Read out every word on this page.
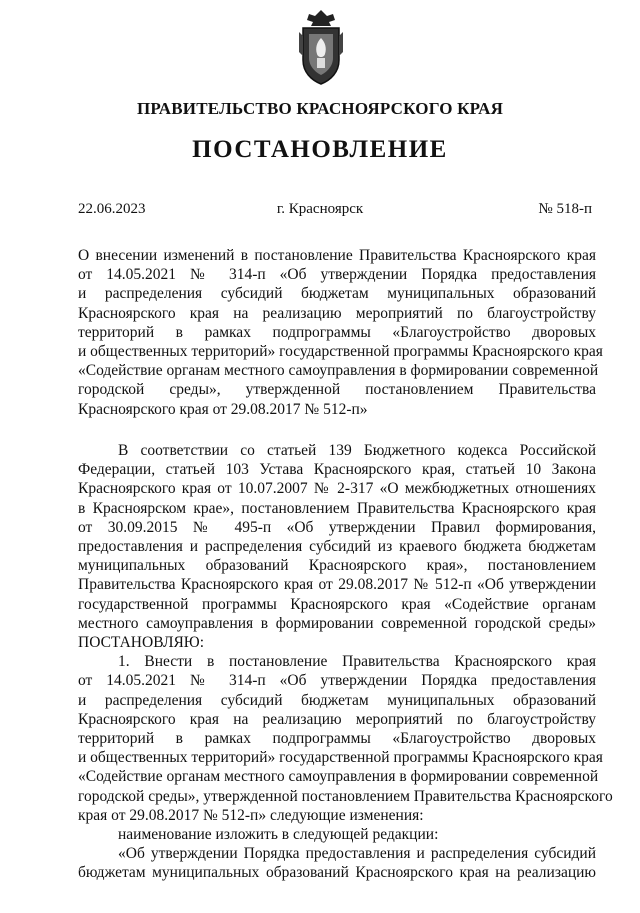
ПРАВИТЕЛЬСТВО КРАСНОЯРСКОГО КРАЯ
ПОСТАНОВЛЕНИЕ
22.06.2023	г. Красноярск	№ 518-п
О внесении изменений в постановление Правительства Красноярского края
от 14.05.2021 № 314-п «Об утверждении Порядка предоставления
и распределения субсидий бюджетам муниципальных образований
Красноярского края на реализацию мероприятий по благоустройству
территорий в рамках подпрограммы «Благоустройство дворовых
и общественных территорий» государственной программы Красноярского края
«Содействие органам местного самоуправления в формировании современной
городской среды», утвержденной постановлением Правительства
Красноярского края от 29.08.2017 № 512-п»
В соответствии со статьей 139 Бюджетного кодекса Российской
Федерации, статьей 103 Устава Красноярского края, статьей 10 Закона
Красноярского края от 10.07.2007 № 2-317 «О межбюджетных отношениях
в Красноярском крае», постановлением Правительства Красноярского края
от 30.09.2015 № 495-п «Об утверждении Правил формирования,
предоставления и распределения субсидий из краевого бюджета бюджетам
муниципальных образований Красноярского края», постановлением
Правительства Красноярского края от 29.08.2017 № 512-п «Об утверждении
государственной программы Красноярского края «Содействие органам
местного самоуправления в формировании современной городской среды»
ПОСТАНОВЛЯЮ:
1. Внести в постановление Правительства Красноярского края
от 14.05.2021 № 314-п «Об утверждении Порядка предоставления
и распределения субсидий бюджетам муниципальных образований
Красноярского края на реализацию мероприятий по благоустройству
территорий в рамках подпрограммы «Благоустройство дворовых
и общественных территорий» государственной программы Красноярского края
«Содействие органам местного самоуправления в формировании современной
городской среды», утвержденной постановлением Правительства Красноярского
края от 29.08.2017 № 512-п» следующие изменения:
наименование изложить в следующей редакции:
«Об утверждении Порядка предоставления и распределения субсидий
бюджетам муниципальных образований Красноярского края на реализацию
